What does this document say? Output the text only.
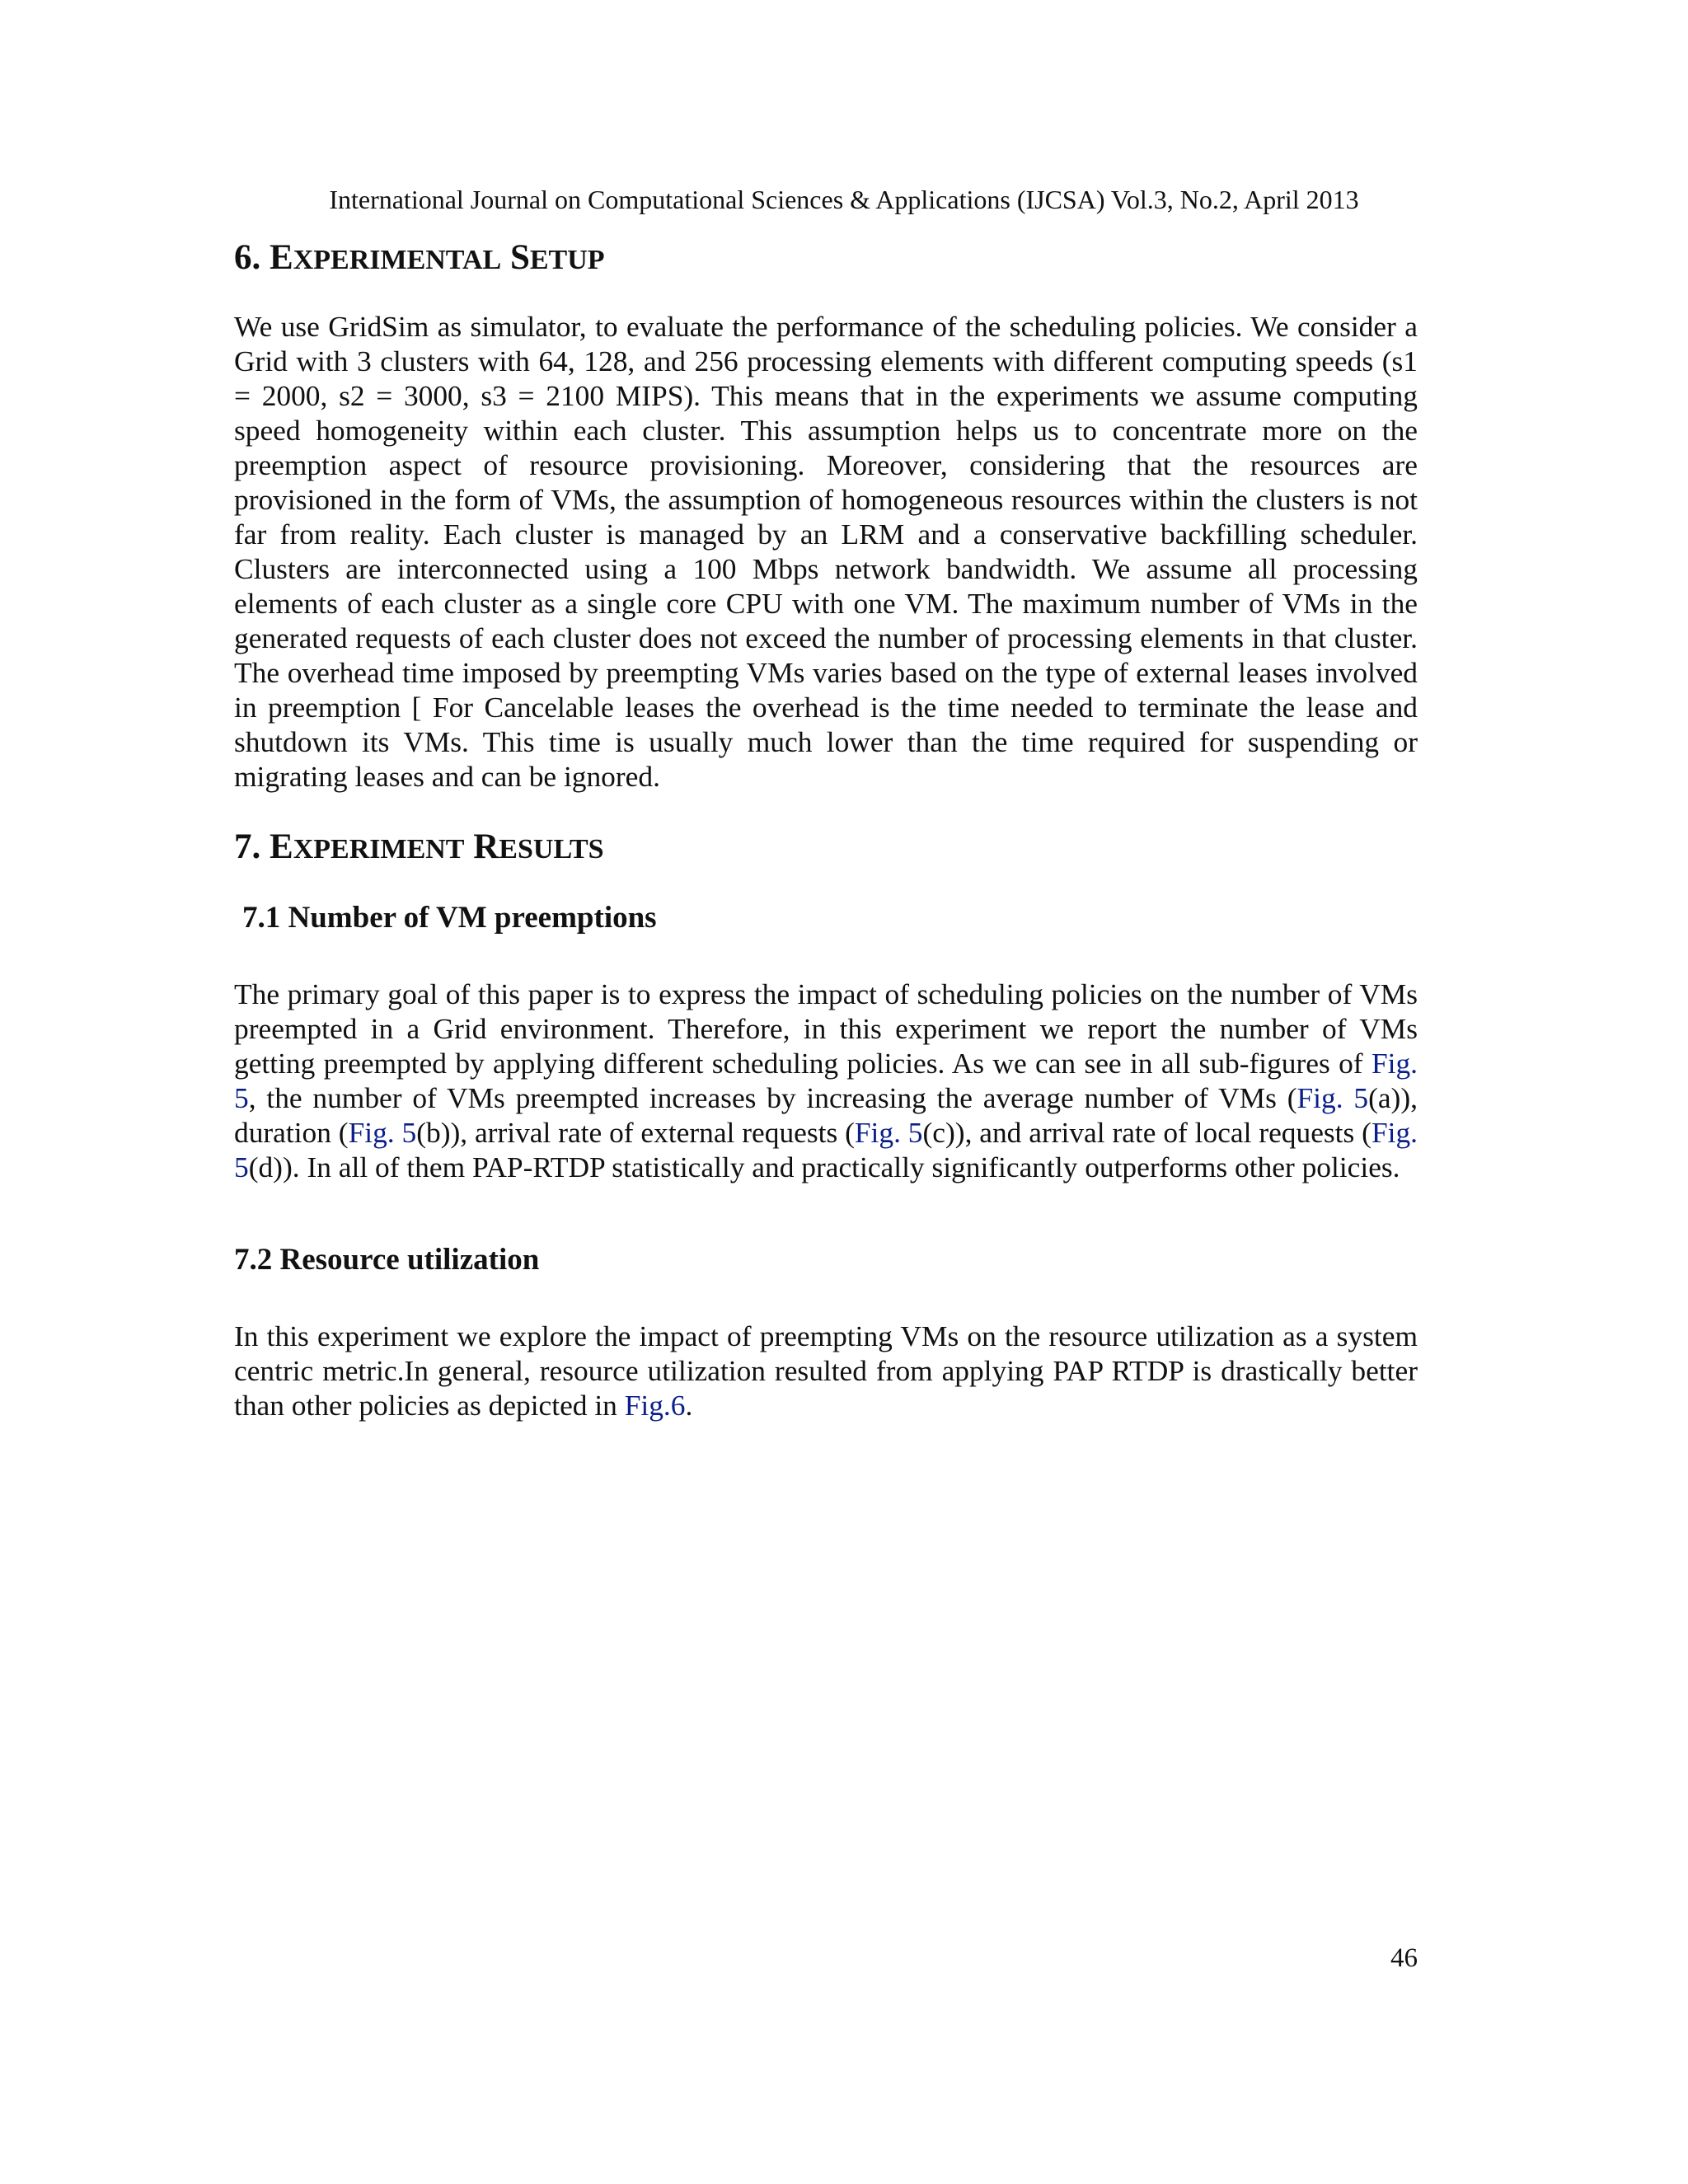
International Journal on Computational Sciences & Applications (IJCSA) Vol.3, No.2, April 2013
6. EXPERIMENTAL SETUP

We use GridSim as simulator, to evaluate the performance of the scheduling policies. We consider a Grid with 3 clusters with 64, 128, and 256 processing elements with different computing speeds (s1 = 2000, s2 = 3000, s3 = 2100 MIPS). This means that in the experiments we assume computing speed homogeneity within each cluster. This assumption helps us to concentrate more on the preemption aspect of resource provisioning. Moreover, considering that the resources are provisioned in the form of VMs, the assumption of homogeneous resources within the clusters is not far from reality. Each cluster is managed by an LRM and a conservative backfilling scheduler. Clusters are interconnected using a 100 Mbps network bandwidth. We assume all processing elements of each cluster as a single core CPU with one VM. The maximum number of VMs in the generated requests of each cluster does not exceed the number of processing elements in that cluster. The overhead time imposed by preempting VMs varies based on the type of external leases involved in preemption [ For Cancelable leases the overhead is the time needed to terminate the lease and shutdown its VMs. This time is usually much lower than the time required for suspending or migrating leases and can be ignored.

7. EXPERIMENT RESULTS
7.1 Number of VM preemptions

The primary goal of this paper is to express the impact of scheduling policies on the number of VMs preempted in a Grid environment. Therefore, in this experiment we report the number of VMs getting preempted by applying different scheduling policies. As we can see in all sub-figures of Fig. 5, the number of VMs preempted increases by increasing the average number of VMs (Fig. 5(a)), duration (Fig. 5(b)), arrival rate of external requests (Fig. 5(c)), and arrival rate of local requests (Fig. 5(d)). In all of them PAP-RTDP statistically and practically significantly outperforms other policies.

7.2 Resource utilization

In this experiment we explore the impact of preempting VMs on the resource utilization as a system centric metric.In general, resource utilization resulted from applying PAP RTDP is drastically better than other policies as depicted in Fig.6.

46
